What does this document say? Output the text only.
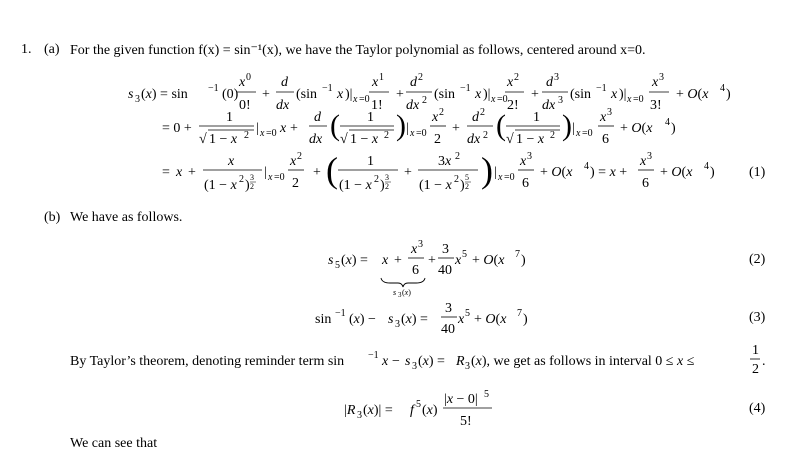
1. (a) For the given function f(x) = sin⁻¹(x), we have the Taylor polynomial as follows, centered around x=0.
s 3 (x) = sin −1 (0)
x 0
0!
+
d
dx
(sin −1 x )| x =0
x 1
1!
+
d 2
dx 2 (sin −1 x )| x =0
x 2
2!
+
d 3
dx 3 (sin −1 x )| x =0
x 3
3!
+ O(x 4 )
= 0 +
1
√ 1 − x 2 | x =0 x +
d
dx ( 1
√ 1 − x 2 ) | x =0
x 2
2
+
d 2
dx 2 ( 1
√ 1 − x 2 ) | x =0
x 3
6
+ O(x 4 )
= x +
x
(1 − x 2 )
3
2
| x =0
x 2
2
+ ( 1
(1 − x 2 )
3
2
+
3x 2
(1 − x 2 )
5
2 ) | x =0
x 3
6
+ O(x 4 ) = x +
x 3
6
+ O(x 4 ) (1)
(b) We have as follows.
s 5 (x) = x +
x 3
6
s 3 (x)
+
3
40
x 5 + O(x 7 )
sin −1 (x) − s 3 (x) =
3
40
x 5 + O(x 7 )
(2)
(3)
By Taylor’s theorem, denoting reminder term sin −1 x − s 3 (x) = R 3 (x), we get as follows in interval 0 ≤ x ≤
1
2
.
|R 3 (x)| = f 5 (x)
|x − 0| 5
5!
(4)
We can see that
